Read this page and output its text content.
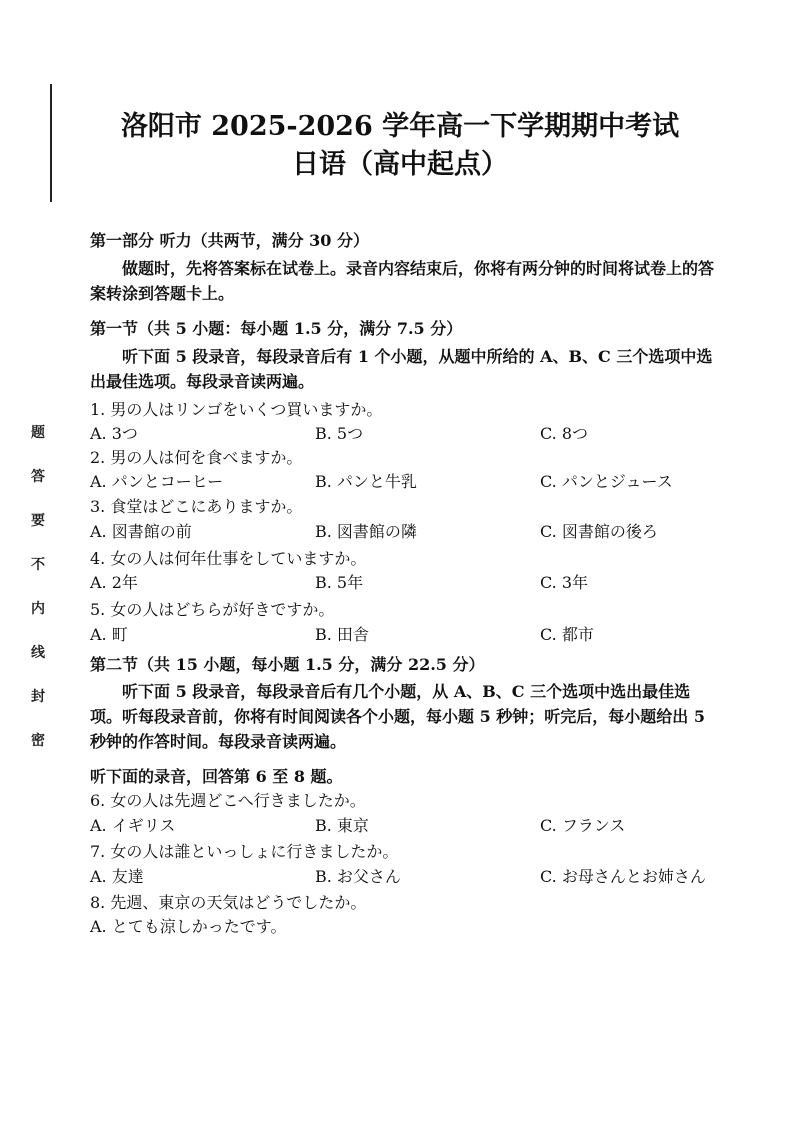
题
答
要
不
内
线
封
密
洛阳市 2025-2026 学年高一下学期期中考试
日语（高中起点）
第一部分 听力（共两节，满分 30 分）
做题时，先将答案标在试卷上。录音内容结束后，你将有两分钟的时间将试卷上的答案转涂到答题卡上。
第一节（共 5 小题：每小题 1.5 分，满分 7.5 分）
听下面 5 段录音，每段录音后有 1 个小题，从题中所给的 A、B、C 三个选项中选出最佳选项。每段录音读两遍。
1. 男の人はリンゴをいくつ買いますか。
A. 3つ	B. 5つ	C. 8つ
2. 男の人は何を食べますか。
A. パンとコーヒー	B. パンと牛乳	C. パンとジュース
3. 食堂はどこにありますか。
A. 図書館の前	B. 図書館の隣	C. 図書館の後ろ
4. 女の人は何年仕事をしていますか。
A. 2年	B. 5年	C. 3年
5. 女の人はどちらが好きですか。
A. 町	B. 田舎	C. 都市
第二节（共 15 小题，每小题 1.5 分，满分 22.5 分）
听下面 5 段录音，每段录音后有几个小题，从 A、B、C 三个选项中选出最佳选项。听每段录音前，你将有时间阅读各个小题，每小题 5 秒钟；听完后，每小题给出 5 秒钟的作答时间。每段录音读两遍。
听下面的录音，回答第 6 至 8 题。
6. 女の人は先週どこへ行きましたか。
A. イギリス	B. 東京	C. フランス
7. 女の人は誰といっしょに行きましたか。
A. 友達	B. お父さん	C. お母さんとお姉さん
8. 先週、東京の天気はどうでしたか。
A. とても涼しかったです。
